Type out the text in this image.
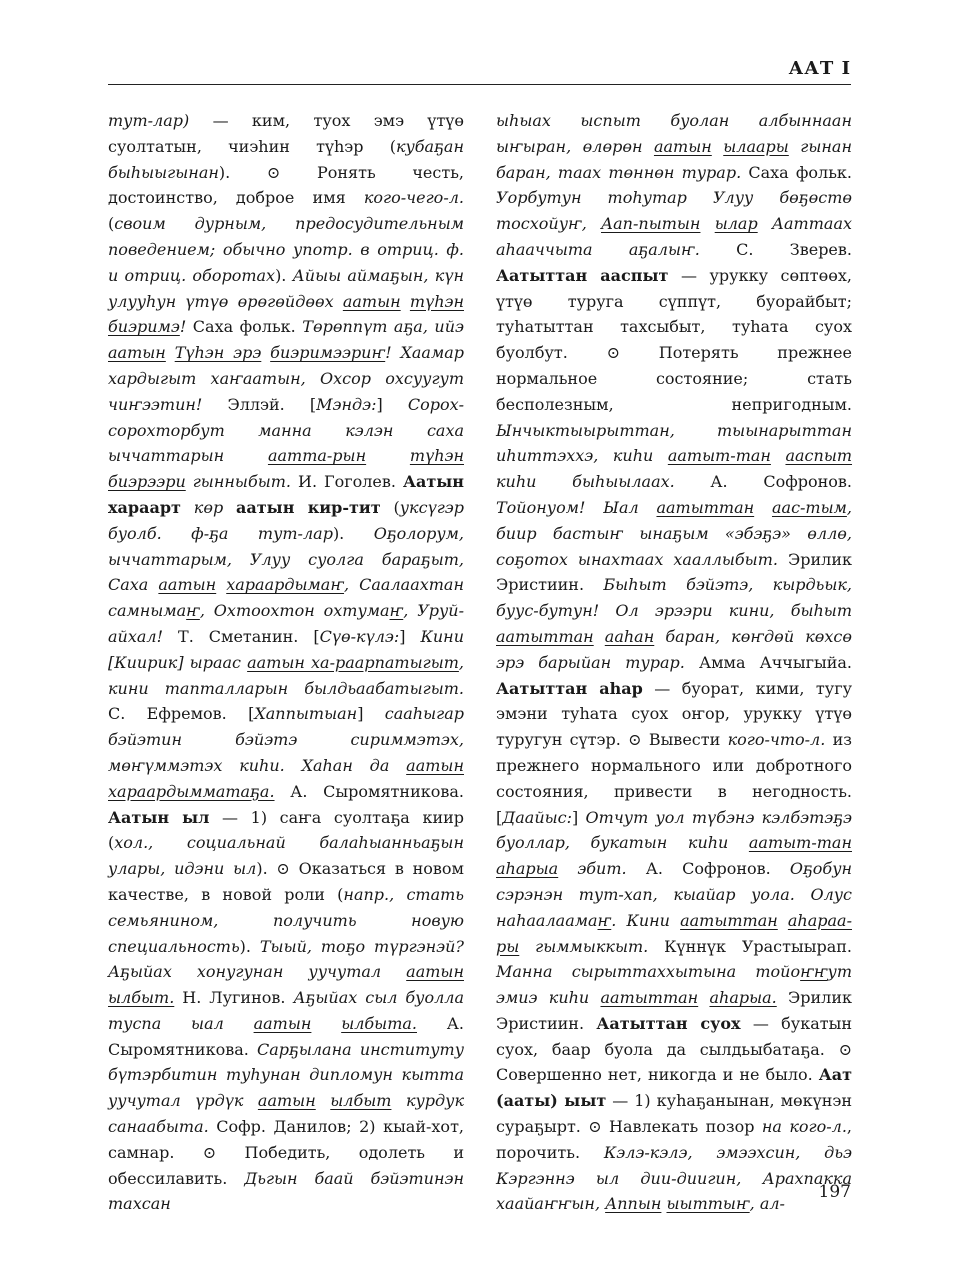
ААТ I

тут-лар) — ким, туох эмэ үтүө суолтатын, чиэһин түһэр (кубаҕан быһыыгынан). ⊙ Ронять честь, достоинство, доброе имя кого-чего-л. (своим дурным, предосудительным поведением; обычно употр. в отриц. ф. и отриц. оборотах). Айыы аймаҕын, күн улууһун үтүө өрөгөйдөөх аатын түһэн биэримэ! Саха фольк. Төрөппүт аҕа, ийэ аатын Түһэн эрэ биэримээриҥ! Хаамар хардыгыт хаҥаатын, Охсор охсуугут чиҥээтин! Эллэй. [Мэндэ:] Сорох-сорохторбут манна кэлэн саха ыччаттарын аатта-рын	түһэн биэрээри гынныбыт. И. Гоголев. Аатын хараарт көр аатын кир-тит (уксүгэр буолб. ф-ҕа тут-лар). Оҕолорум, ыччаттарым, Улуу суолга бараҕыт, Саха аатын хараардымаҥ, Саалаахтан самнымаҥ, Охтоохтон охтумаҥ, Уруй-айхал! Т. Сметанин. [Сүө-күлэ:] Кини [Киирик] ыраас аатын ха-раарпатыгыт, кини тапталларын былдьаабатыгыт. С. Ефремов. [Хаппытыан] сааһыгар бэйэтин бэйэтэ сириммэтэх, мөҥүммэтэх киһи. Хаһан да аатын хараардымматаҕа. А. Сыромятникова. Аатын ыл — 1) саҥа суолтаҕа киир (хол., социальнай балаһыанньаҕын улары, идэни ыл). ⊙ Оказаться в новом качестве, в новой роли (напр., стать семьянином, получить новую специальность). Тыый, тоҕо түргэнэй? Аҕыйах хонугунан уучутал аатын ылбыт. Н. Лугинов. Аҕыйах сыл буолла туспа ыал аатын ылбыта. А. Сыромятникова. Сарҕылана институту бүтэрбитин туһунан дипломун кытта уучутал үрдүк аатын ылбыт курдук санаабыта. Софр. Данилов; 2) кыай-хот, самнар. ⊙ Победить, одолеть и обессилавить. Дьгын баай бэйэтинэн тахсан

ыһыах ыспыт буолан албыннаан ыҥыран, өлөрөн аатын ылаары гынан баран, таах төннөн турар. Саха фольк. Уорбутун тоһутар Улуу бөҕөстө тосхойуҥ, Аап-пытын ылар Ааттаах аһааччыта аҕалыҥ. С. Зверев. Аатыттан ааспыт — урукку сөптөөх, үтүө туруга сүппүт, буорайбыт; туһатыттан тахсыбыт, туһата суох буолбут. ⊙ Потерять прежнее нормальное состояние; стать бесполезным, непригодным. Ынчыктыырыттан, тыынарыттан иһиттэххэ, киһи аатыт-тан ааспыт киһи быһыылаах. А. Софронов. Тойонуом! Ыал аатыттан аас-тым, биир бастыҥ ынаҕым «эбэҕэ» өллө, соҕотох ынахтаах хааллыбыт. Эрилик Эристиин. Быһыт бэйэтэ, кырдьык, буус-бутун! Ол эрээри кини, быһыт аатыттан ааһан баран, көҥдөй көхсө эрэ барыйан турар. Амма Аччыгыйа. Аатыттан аһар — буорат, кими, тугу эмэни туһата суох оҥор, урукку үтүө туругун сүтэр. ⊙ Вывести кого-что-л. из прежнего нормального или добротного состояния, привести в негодность. [Даайыс:] Отчут уол түбэнэ кэлбэтэҕэ буоллар, букатын киһи аатыт-тан аһарыа эбит. А. Софронов. Оҕобун сэрэнэн тут-хап, кыайар уола. Олус наһаалаамаҥ. Кини аатыттан аһараа-ры гыммыккыт. Күннүк Урастыырап. Манна сырыттаххытына тойоҥҥут эмиэ киһи аатыттан аһарыа. Эрилик Эристиин. Аатыттан суох — букатын суох, баар буола да сылдьыбатаҕа. ⊙ Совершенно нет, никогда и не было. Аат (ааты) ыыт — 1) куһаҕанынан, мөкүнэн сураҕырт. ⊙ Навлекать позор на кого-л., порочить. Кэлэ-кэлэ, эмээхсин, дьэ Кэргэннэ ыл дии-диигин, Арахпакка хаайаҥҥын, Аппын ыыттыҥ, ал-

197
